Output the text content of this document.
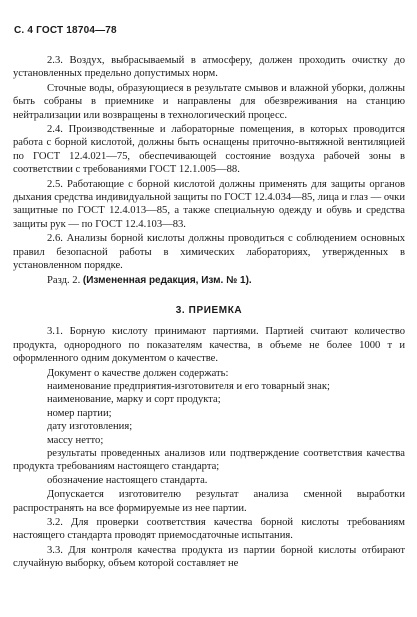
С. 4 ГОСТ 18704—78

2.3. Воздух, выбрасываемый в атмосферу, должен проходить очистку до установленных предельно допустимых норм.

Сточные воды, образующиеся в результате смывов и влажной уборки, должны быть собраны в приемнике и направлены для обезвреживания на станцию нейтрализации или возвращены в технологический процесс.

2.4. Производственные и лабораторные помещения, в которых проводится работа с борной кислотой, должны быть оснащены приточно-вытяжной вентиляцией по ГОСТ 12.4.021—75, обеспечивающей состояние воздуха рабочей зоны в соответствии с требованиями ГОСТ 12.1.005—88.

2.5. Работающие с борной кислотой должны применять для защиты органов дыхания средства индивидуальной защиты по ГОСТ 12.4.034—85, лица и глаз — очки защитные по ГОСТ 12.4.013—85, а также специальную одежду и обувь и средства защиты рук — по ГОСТ 12.4.103—83.

2.6. Анализы борной кислоты должны проводиться с соблюдением основных правил безопасной работы в химических лабораториях, утвержденных в установленном порядке.

Разд. 2. (Измененная редакция, Изм. № 1).

3. ПРИЕМКА

3.1. Борную кислоту принимают партиями. Партией считают количество продукта, однородного по показателям качества, в объеме не более 1000 т и оформленного одним документом о качестве.

Документ о качестве должен содержать:

наименование предприятия-изготовителя и его товарный знак;

наименование, марку и сорт продукта;

номер партии;

дату изготовления;

массу нетто;

результаты проведенных анализов или подтверждение соответствия качества продукта требованиям настоящего стандарта;

обозначение настоящего стандарта.

Допускается изготовителю результат анализа сменной выработки распространять на все формируемые из нее партии.

3.2. Для проверки соответствия качества борной кислоты требованиям настоящего стандарта проводят приемосдаточные испытания.

3.3. Для контроля качества продукта из партии борной кислоты отбирают случайную выборку, объем которой составляет не
